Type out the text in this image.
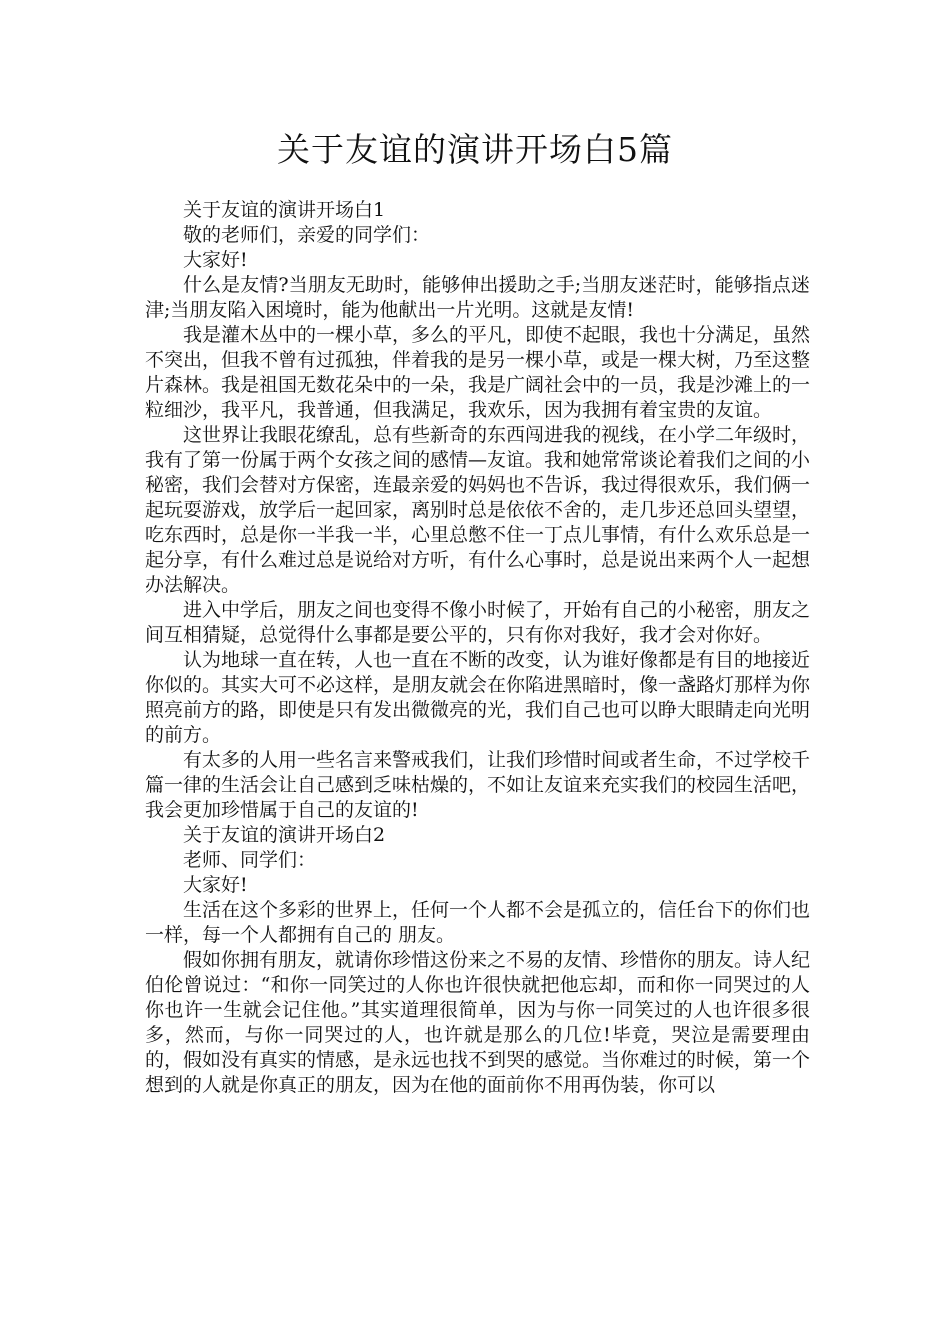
关于友谊的演讲开场白5篇

关于友谊的演讲开场白1

敬的老师们，亲爱的同学们：

大家好!

什么是友情?当朋友无助时，能够伸出援助之手;当朋友迷茫时，能够指点迷津;当朋友陷入困境时，能为他献出一片光明。这就是友情!

我是灌木丛中的一棵小草，多么的平凡，即使不起眼，我也十分满足，虽然不突出，但我不曾有过孤独，伴着我的是另一棵小草，或是一棵大树，乃至这整片森林。我是祖国无数花朵中的一朵，我是广阔社会中的一员，我是沙滩上的一粒细沙，我平凡，我普通，但我满足，我欢乐，因为我拥有着宝贵的友谊。

这世界让我眼花缭乱，总有些新奇的东西闯进我的视线，在小学二年级时，我有了第一份属于两个女孩之间的感情—友谊。我和她常常谈论着我们之间的小秘密，我们会替对方保密，连最亲爱的妈妈也不告诉，我过得很欢乐，我们俩一起玩耍游戏，放学后一起回家，离别时总是依依不舍的，走几步还总回头望望，吃东西时，总是你一半我一半，心里总憋不住一丁点儿事情，有什么欢乐总是一起分享，有什么难过总是说给对方听，有什么心事时，总是说出来两个人一起想办法解决。

进入中学后，朋友之间也变得不像小时候了，开始有自己的小秘密，朋友之间互相猜疑，总觉得什么事都是要公平的，只有你对我好，我才会对你好。

认为地球一直在转，人也一直在不断的改变，认为谁好像都是有目的地接近你似的。其实大可不必这样，是朋友就会在你陷进黑暗时，像一盏路灯那样为你照亮前方的路，即使是只有发出微微亮的光，我们自己也可以睁大眼睛走向光明的前方。

有太多的人用一些名言来警戒我们，让我们珍惜时间或者生命，不过学校千篇一律的生活会让自己感到乏味枯燥的，不如让友谊来充实我们的校园生活吧，我会更加珍惜属于自己的友谊的!

关于友谊的演讲开场白2

老师、同学们：

大家好!

生活在这个多彩的世界上，任何一个人都不会是孤立的，信任台下的你们也一样，每一个人都拥有自己的 朋友。

假如你拥有朋友，就请你珍惜这份来之不易的友情、珍惜你的朋友。诗人纪伯伦曾说过：“和你一同笑过的人你也许很快就把他忘却，而和你一同哭过的人你也许一生就会记住他。”其实道理很简单，因为与你一同笑过的人也许很多很多，然而，与你一同哭过的人，也许就是那么的几位!毕竟，哭泣是需要理由的，假如没有真实的情感，是永远也找不到哭的感觉。当你难过的时候，第一个想到的人就是你真正的朋友，因为在他的面前你不用再伪装，你可以
